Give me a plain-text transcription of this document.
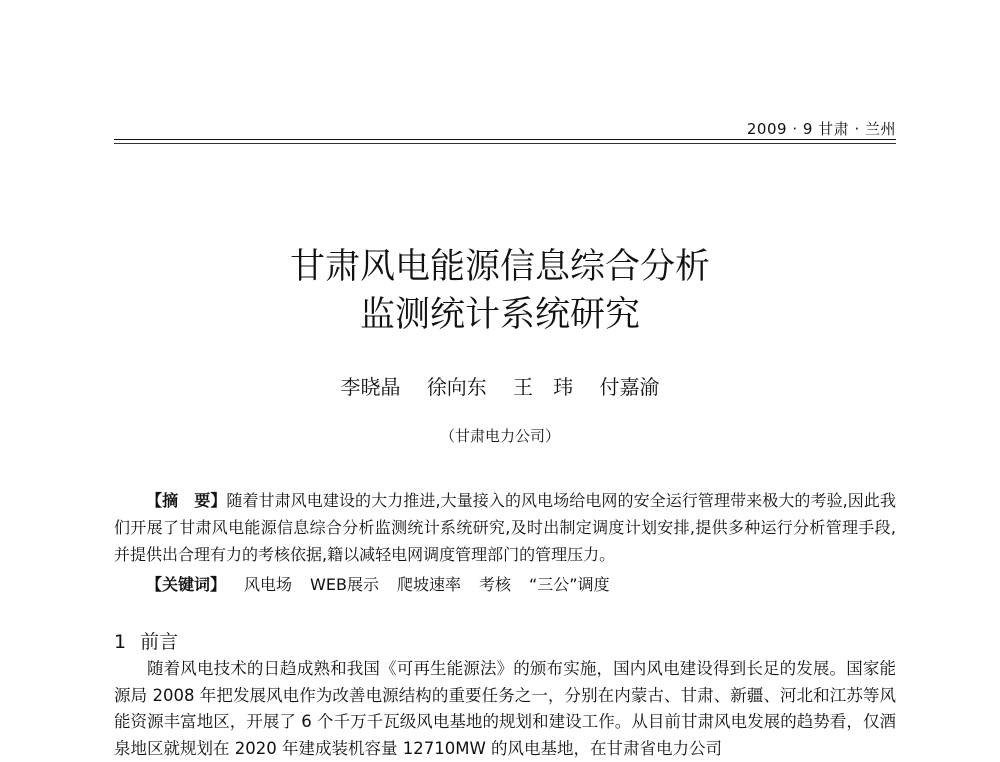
2009 · 9 甘肃 · 兰州
甘肃风电能源信息综合分析
监测统计系统研究
李晓晶 徐向东 王　玮 付嘉渝
（甘肃电力公司）
【摘　要】随着甘肃风电建设的大力推进,大量接入的风电场给电网的安全运行管理带来极大的考验,因此我们开展了甘肃风电能源信息综合分析监测统计系统研究,及时出制定调度计划安排,提供多种运行分析管理手段,并提供出合理有力的考核依据,籍以减轻电网调度管理部门的管理压力。
【关键词】 风电场 WEB展示 爬坡速率 考核 “三公”调度
1 前言
随着风电技术的日趋成熟和我国《可再生能源法》的颁布实施，国内风电建设得到长足的发展。国家能源局 2008 年把发展风电作为改善电源结构的重要任务之一，分别在内蒙古、甘肃、新疆、河北和江苏等风能资源丰富地区，开展了 6 个千万千瓦级风电基地的规划和建设工作。从目前甘肃风电发展的趋势看，仅酒泉地区就规划在 2020 年建成装机容量 12710MW 的风电基地，在甘肃省电力公司
